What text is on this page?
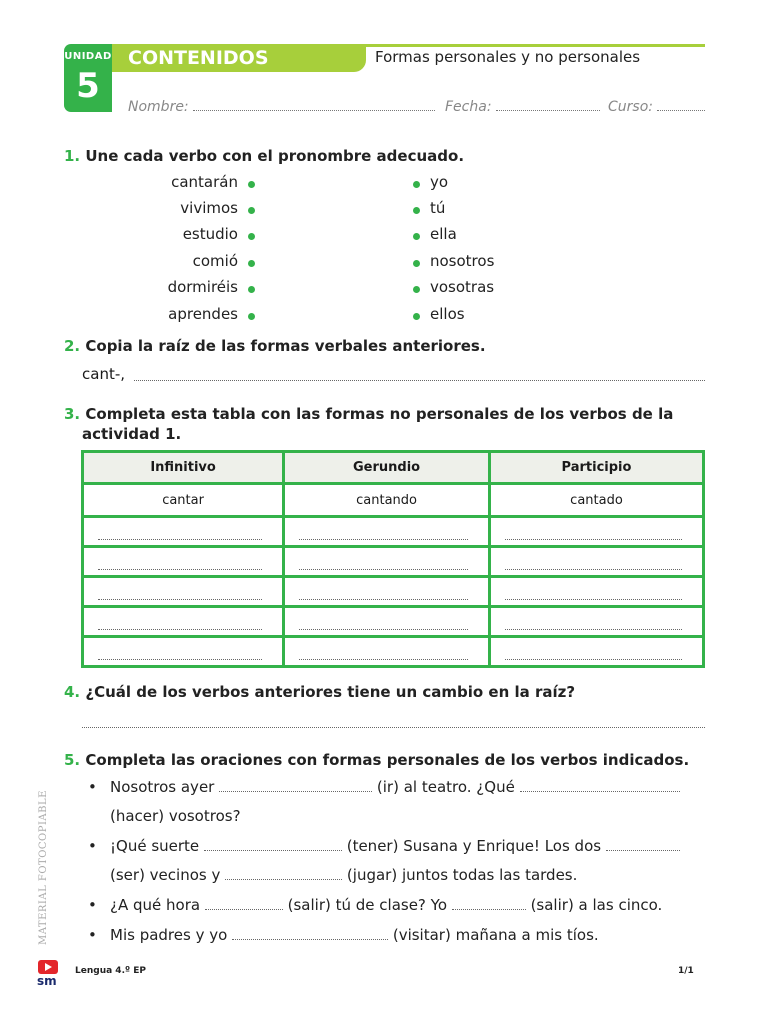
UNIDAD
5
CONTENIDOS BÁSICOS
Formas personales y no personales
Nombre:	Fecha:	Curso:
1. Une cada verbo con el pronombre adecuado.
cantarán
vivimos
estudio
comió
dormiréis
aprendes
yo
tú
ella
nosotros
vosotras
ellos
2. Copia la raíz de las formas verbales anteriores.
cant-,
3. Completa esta tabla con las formas no personales de los verbos de la
actividad 1.
Infinitivo	Gerundio	Participio
cantar	cantando	cantado

4. ¿Cuál de los verbos anteriores tiene un cambio en la raíz?
5. Completa las oraciones con formas personales de los verbos indicados.
• Nosotros ayer	(ir) al teatro. ¿Qué
(hacer) vosotros?
• ¡Qué suerte	(tener) Susana y Enrique! Los dos
(ser) vecinos y	(jugar) juntos todas las tardes.
• ¿A qué hora	(salir) tú de clase? Yo	(salir) a las cinco.
• Mis padres y yo	(visitar) mañana a mis tíos.
MATERIAL FOTOCOPIABLE
sm
Lengua 4.º EP	1/1
